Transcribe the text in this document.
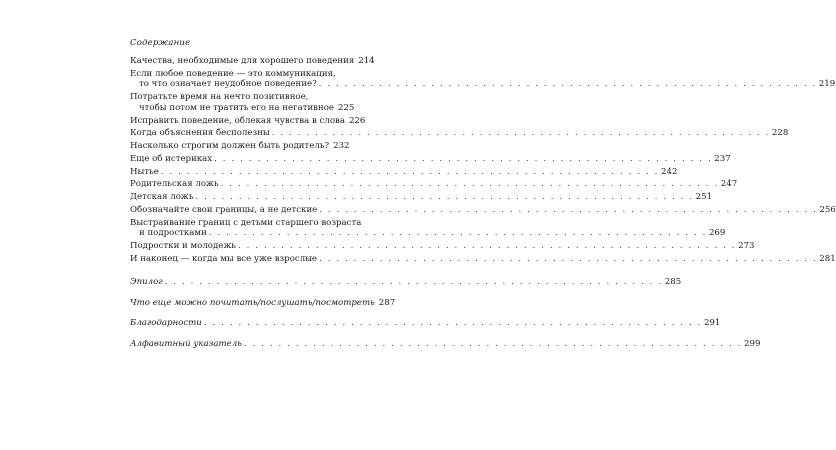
Содержание
Качества, необходимые для хорошего поведения 214
Если любое поведение — это коммуникация,
то что означает неудобное поведение? . . . . . . . . . . . . . . . . . . . . . . . . . . . . . . . . . . . . . . . . . . . . . . . . . . . . . . . . . . 219
Потратьте время на нечто позитивное,
чтобы потом не тратить его на негативное 225
Исправить поведение, облекая чувства в слова 226
Когда объяснения бесполезны . . . . . . . . . . . . . . . . . . . . . . . . . . . . . . . . . . . . . . . . . . . . . . . . . . . . . . . . . . 228
Насколько строгим должен быть родитель? 232
Еще об истериках . . . . . . . . . . . . . . . . . . . . . . . . . . . . . . . . . . . . . . . . . . . . . . . . . . . . . . . . . . 237
Нытье . . . . . . . . . . . . . . . . . . . . . . . . . . . . . . . . . . . . . . . . . . . . . . . . . . . . . . . . . . 242
Родительская ложь . . . . . . . . . . . . . . . . . . . . . . . . . . . . . . . . . . . . . . . . . . . . . . . . . . . . . . . . . . 247
Детская ложь . . . . . . . . . . . . . . . . . . . . . . . . . . . . . . . . . . . . . . . . . . . . . . . . . . . . . . . . . . 251
Обозначайте свои границы, а не детские . . . . . . . . . . . . . . . . . . . . . . . . . . . . . . . . . . . . . . . . . . . . . . . . . . . . . . . . . . 256
Выстраивание границ с детьми старшего возраста
и подростками . . . . . . . . . . . . . . . . . . . . . . . . . . . . . . . . . . . . . . . . . . . . . . . . . . . . . . . . . . 269
Подростки и молодежь . . . . . . . . . . . . . . . . . . . . . . . . . . . . . . . . . . . . . . . . . . . . . . . . . . . . . . . . . . 273
И наконец — когда мы все уже взрослые . . . . . . . . . . . . . . . . . . . . . . . . . . . . . . . . . . . . . . . . . . . . . . . . . . . . . . . . . . 281
Эпилог . . . . . . . . . . . . . . . . . . . . . . . . . . . . . . . . . . . . . . . . . . . . . . . . . . . . . . . . . . 285
Что еще можно почитать/послушать/посмотреть 287
Благодарности . . . . . . . . . . . . . . . . . . . . . . . . . . . . . . . . . . . . . . . . . . . . . . . . . . . . . . . . . . 291
Алфавитный указатель . . . . . . . . . . . . . . . . . . . . . . . . . . . . . . . . . . . . . . . . . . . . . . . . . . . . . . . . . . 299
